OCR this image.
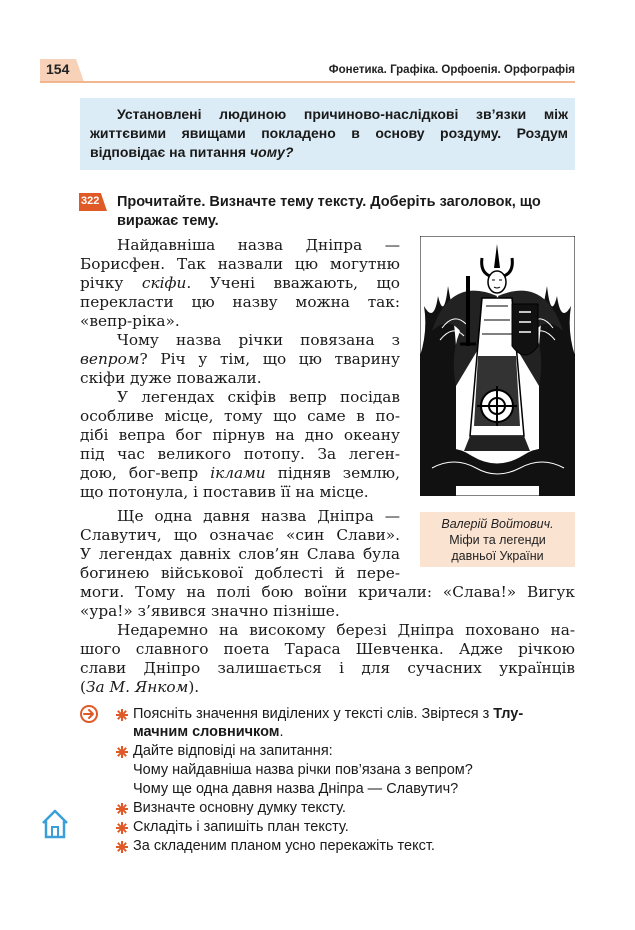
154	Фонетика. Графіка. Орфоепія. Орфографія
Установлені людиною причиново-наслідкові зв’язки між життєвими явищами покладено в основу роздуму. Роздум відповідає на питання чому?
322 Прочитайте. Визначте тему тексту. Доберіть заголовок, що виражає тему.
Найдавніша назва Дніпра —
Борисфен. Так назвали цю могутню
річку скіфи. Учені вважають, що
перекласти цю назву можна так:
«вепр-ріка».
Чому назва річки повязана з
вепром? Річ у тім, що цю тварину
скіфи дуже поважали.
У легендах скіфів вепр посідав
особливе місце, тому що саме в по-
дібі вепра бог пірнув на дно океану
під час великого потопу. За леген-
дою, бог-вепр іклами підняв землю,
що потонула, і поставив її на місце.
Ще одна давня назва Дніпра —
Славутич, що означає «син Слави».
У легендах давніх слов’ян Слава була
богинею військової доблесті й пере-
моги. Тому на полі бою воїни кричали: «Слава!» Вигук
«ура!» з’явився значно пізніше.
Недаремно на високому березі Дніпра поховано на-
шого славного поета Тараса Шевченка. Адже річкою
слави Дніпро залишається і для сучасних українців
(За М. Янком).
Валерій Войтович.
Міфи та легенди
давньої України
Поясніть значення виділених у тексті слів. Звіртеся з Тлу-
мачним словничком.
Дайте відповіді на запитання:
Чому найдавніша назва річки пов’язана з вепром?
Чому ще одна давня назва Дніпра — Славутич?
Визначте основну думку тексту.
Складіть і запишіть план тексту.
За складеним планом усно перекажіть текст.
